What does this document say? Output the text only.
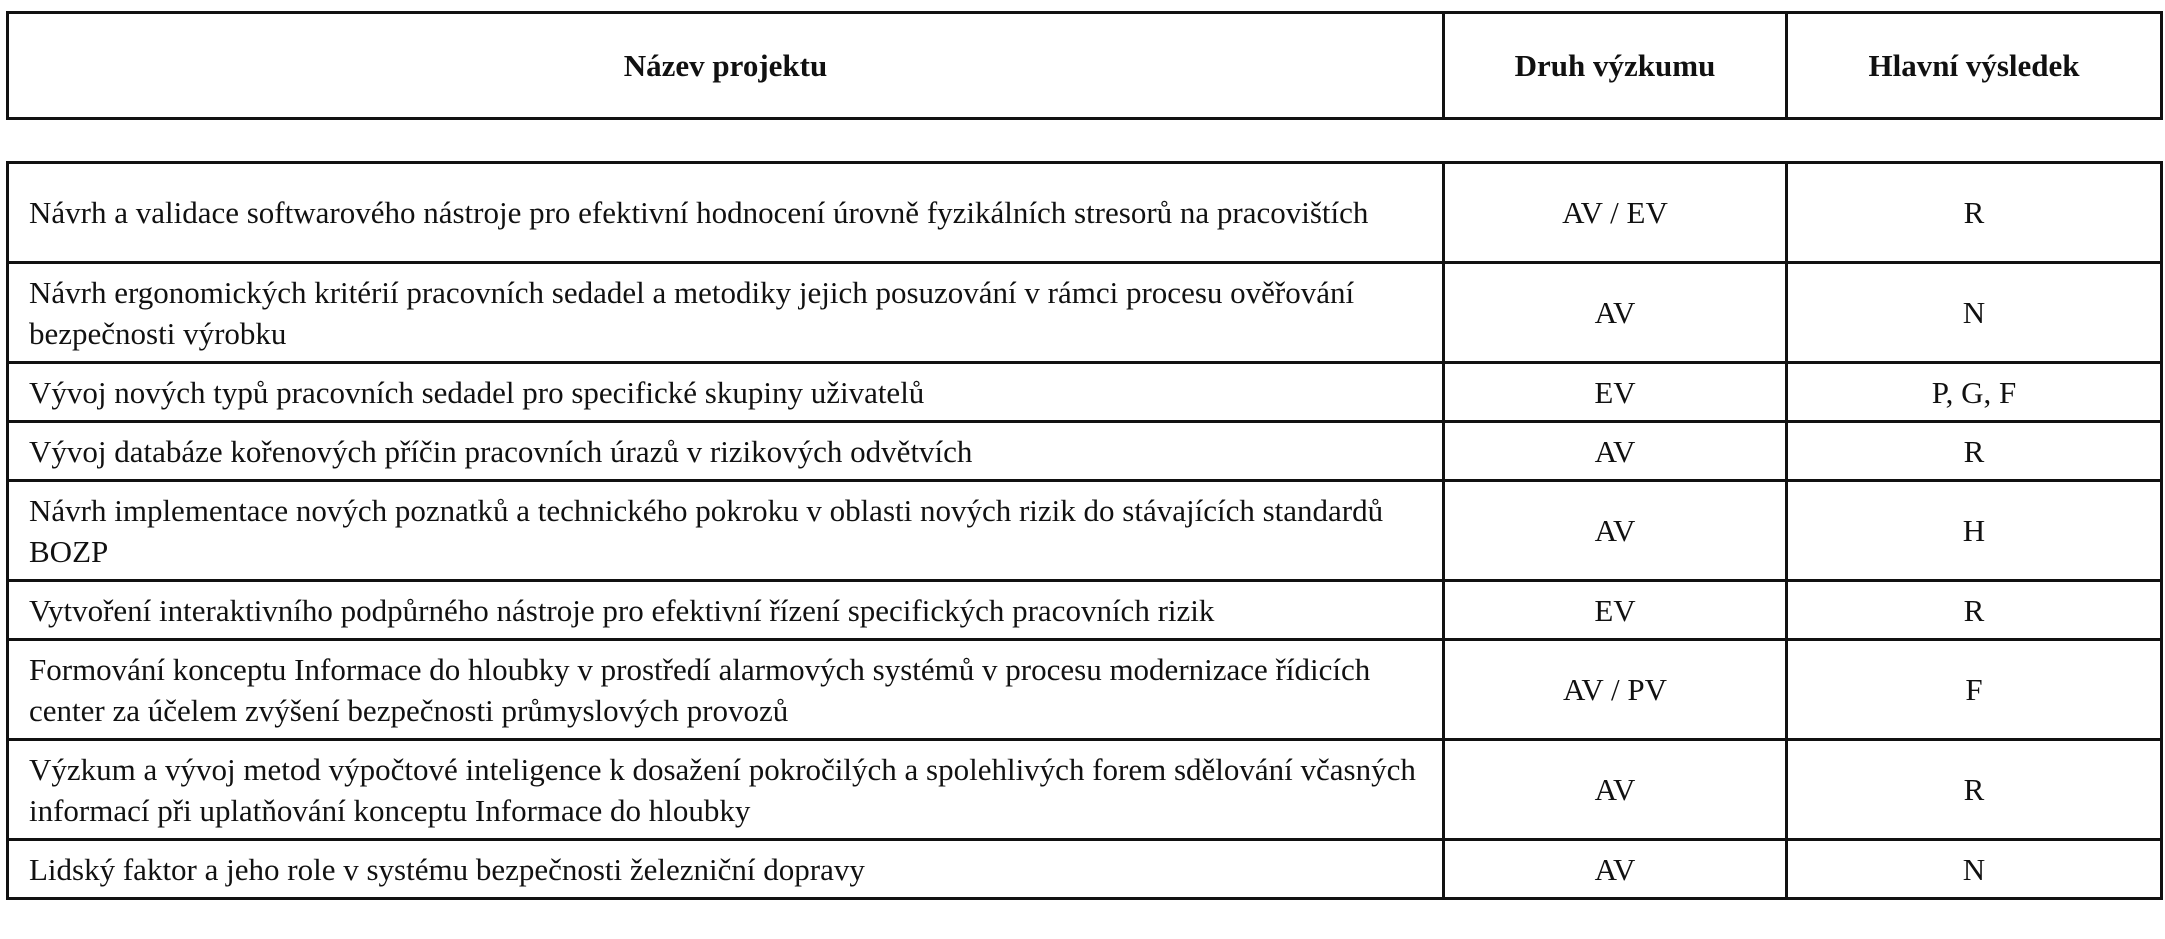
Název projektu	Druh výzkumu	Hlavní výsledek
Návrh a validace softwarového nástroje pro efektivní hodnocení úrovně fyzikálních stresorů na pracovištích	AV / EV	R
Návrh ergonomických kritérií pracovních sedadel a metodiky jejich posuzování v rámci procesu ověřování bezpečnosti výrobku	AV	N
Vývoj nových typů pracovních sedadel pro specifické skupiny uživatelů	EV	P, G, F
Vývoj databáze kořenových příčin pracovních úrazů v rizikových odvětvích	AV	R
Návrh implementace nových poznatků a technického pokroku v oblasti nových rizik do stávajících standardů BOZP	AV	H
Vytvoření interaktivního podpůrného nástroje pro efektivní řízení specifických pracovních rizik	EV	R
Formování konceptu Informace do hloubky v prostředí alarmových systémů v procesu modernizace řídicích center za účelem zvýšení bezpečnosti průmyslových provozů	AV / PV	F
Výzkum a vývoj metod výpočtové inteligence k dosažení pokročilých a spolehlivých forem sdělování včasných informací při uplatňování konceptu Informace do hloubky	AV	R
Lidský faktor a jeho role v systému bezpečnosti železniční dopravy	AV	N
